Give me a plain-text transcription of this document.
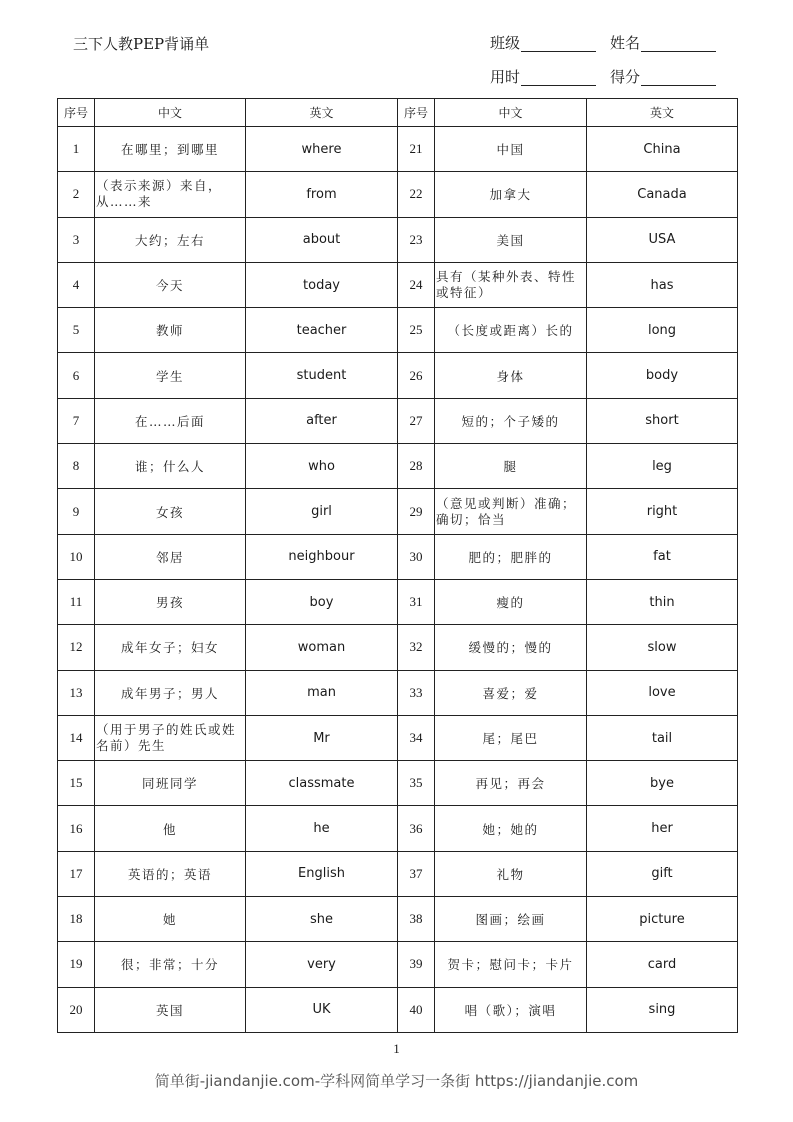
三下人教PEP背诵单	班级	姓名
用时	得分
序号	中文	英文	序号	中文	英文
1	在哪里；到哪里	where	21	中国	China
2	（表示来源）来自，从……来	from	22	加拿大	Canada
3	大约；左右	about	23	美国	USA
4	今天	today	24	具有（某种外表、特性或特征）	has
5	教师	teacher	25	（长度或距离）长的	long
6	学生	student	26	身体	body
7	在……后面	after	27	短的；个子矮的	short
8	谁；什么人	who	28	腿	leg
9	女孩	girl	29	（意见或判断）准确；确切；恰当	right
10	邻居	neighbour	30	肥的；肥胖的	fat
11	男孩	boy	31	瘦的	thin
12	成年女子；妇女	woman	32	缓慢的；慢的	slow
13	成年男子；男人	man	33	喜爱；爱	love
14	（用于男子的姓氏或姓名前）先生	Mr	34	尾；尾巴	tail
15	同班同学	classmate	35	再见；再会	bye
16	他	he	36	她；她的	her
17	英语的；英语	English	37	礼物	gift
18	她	she	38	图画；绘画	picture
19	很；非常；十分	very	39	贺卡；慰问卡；卡片	card
20	英国	UK	40	唱（歌）；演唱	sing
1
简单街-jiandanjie.com-学科网简单学习一条街 https://jiandanjie.com
